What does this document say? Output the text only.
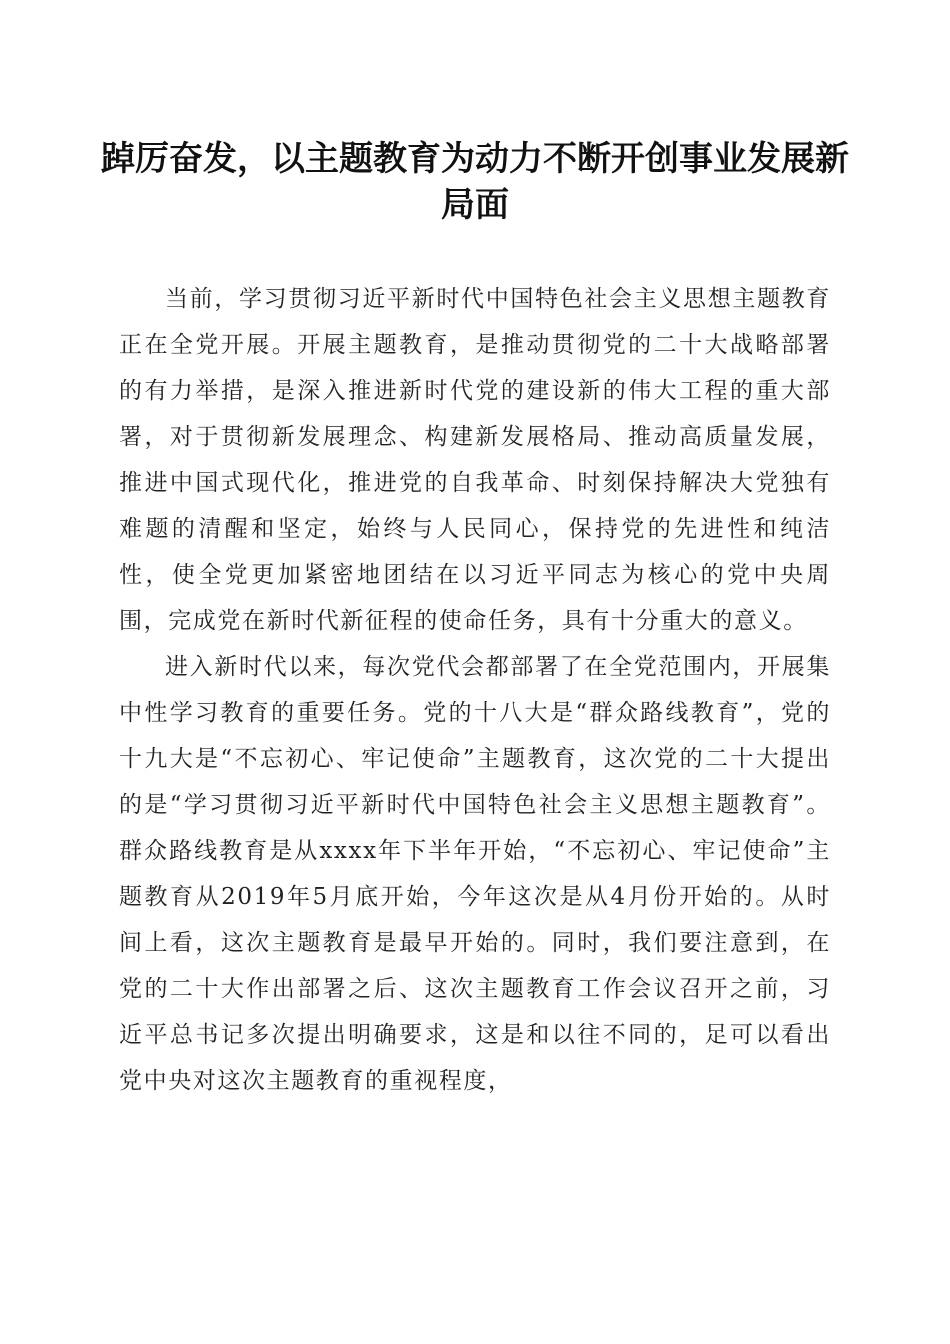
踔厉奋发，以主题教育为动力不断开创事业发展新局面

当前，学习贯彻习近平新时代中国特色社会主义思想主题教育正在全党开展。开展主题教育，是推动贯彻党的二十大战略部署的有力举措，是深入推进新时代党的建设新的伟大工程的重大部署，对于贯彻新发展理念、构建新发展格局、推动高质量发展，推进中国式现代化，推进党的自我革命、时刻保持解决大党独有难题的清醒和坚定，始终与人民同心，保持党的先进性和纯洁性，使全党更加紧密地团结在以习近平同志为核心的党中央周围，完成党在新时代新征程的使命任务，具有十分重大的意义。

进入新时代以来，每次党代会都部署了在全党范围内，开展集中性学习教育的重要任务。党的十八大是“群众路线教育”，党的十九大是“不忘初心、牢记使命”主题教育，这次党的二十大提出的是“学习贯彻习近平新时代中国特色社会主义思想主题教育”。群众路线教育是从xxxx年下半年开始，“不忘初心、牢记使命”主题教育从2019年5月底开始，今年这次是从4月份开始的。从时间上看，这次主题教育是最早开始的。同时，我们要注意到，在党的二十大作出部署之后、这次主题教育工作会议召开之前，习近平总书记多次提出明确要求，这是和以往不同的，足可以看出党中央对这次主题教育的重视程度，
